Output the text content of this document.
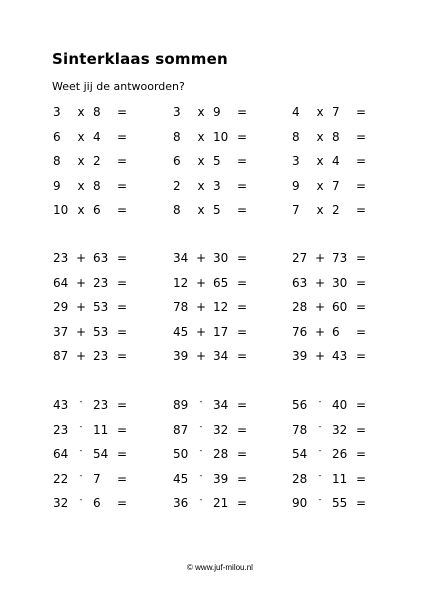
Sinterklaas sommen
Weet jij de antwoorden?
3 x 8	=	3 x 9	=	4 x 7	=
6 x 4	=	8 x 10 =	8 x 8	=
8 x 2	=	6 x 5	=	3 x 4	=
9 x 8	=	2 x 3	=	9 x 7	=
10 x 6	=	8 x 5	=	7 x 2	=
23 + 63 =	34 + 30 =	27 + 73 =
64 + 23 =	12 + 65 =	63 + 30 =
29 + 53 =	78 + 12 =	28 + 60 =
37 + 53 =	45 + 17 =	76 + 6	=
87 + 23 =	39 + 34 =	39 + 43 =
43	- 23 =	89	- 34 =	56	- 40 =
23	- 11 =	87	- 32 =	78	- 32 =
64	- 54 =	50	- 28 =	54	- 26 =
22	- 7	=	45	- 39 =	28	- 11 =
32	- 6	=	36	- 21 =	90	- 55 =
© www.juf-milou.nl
